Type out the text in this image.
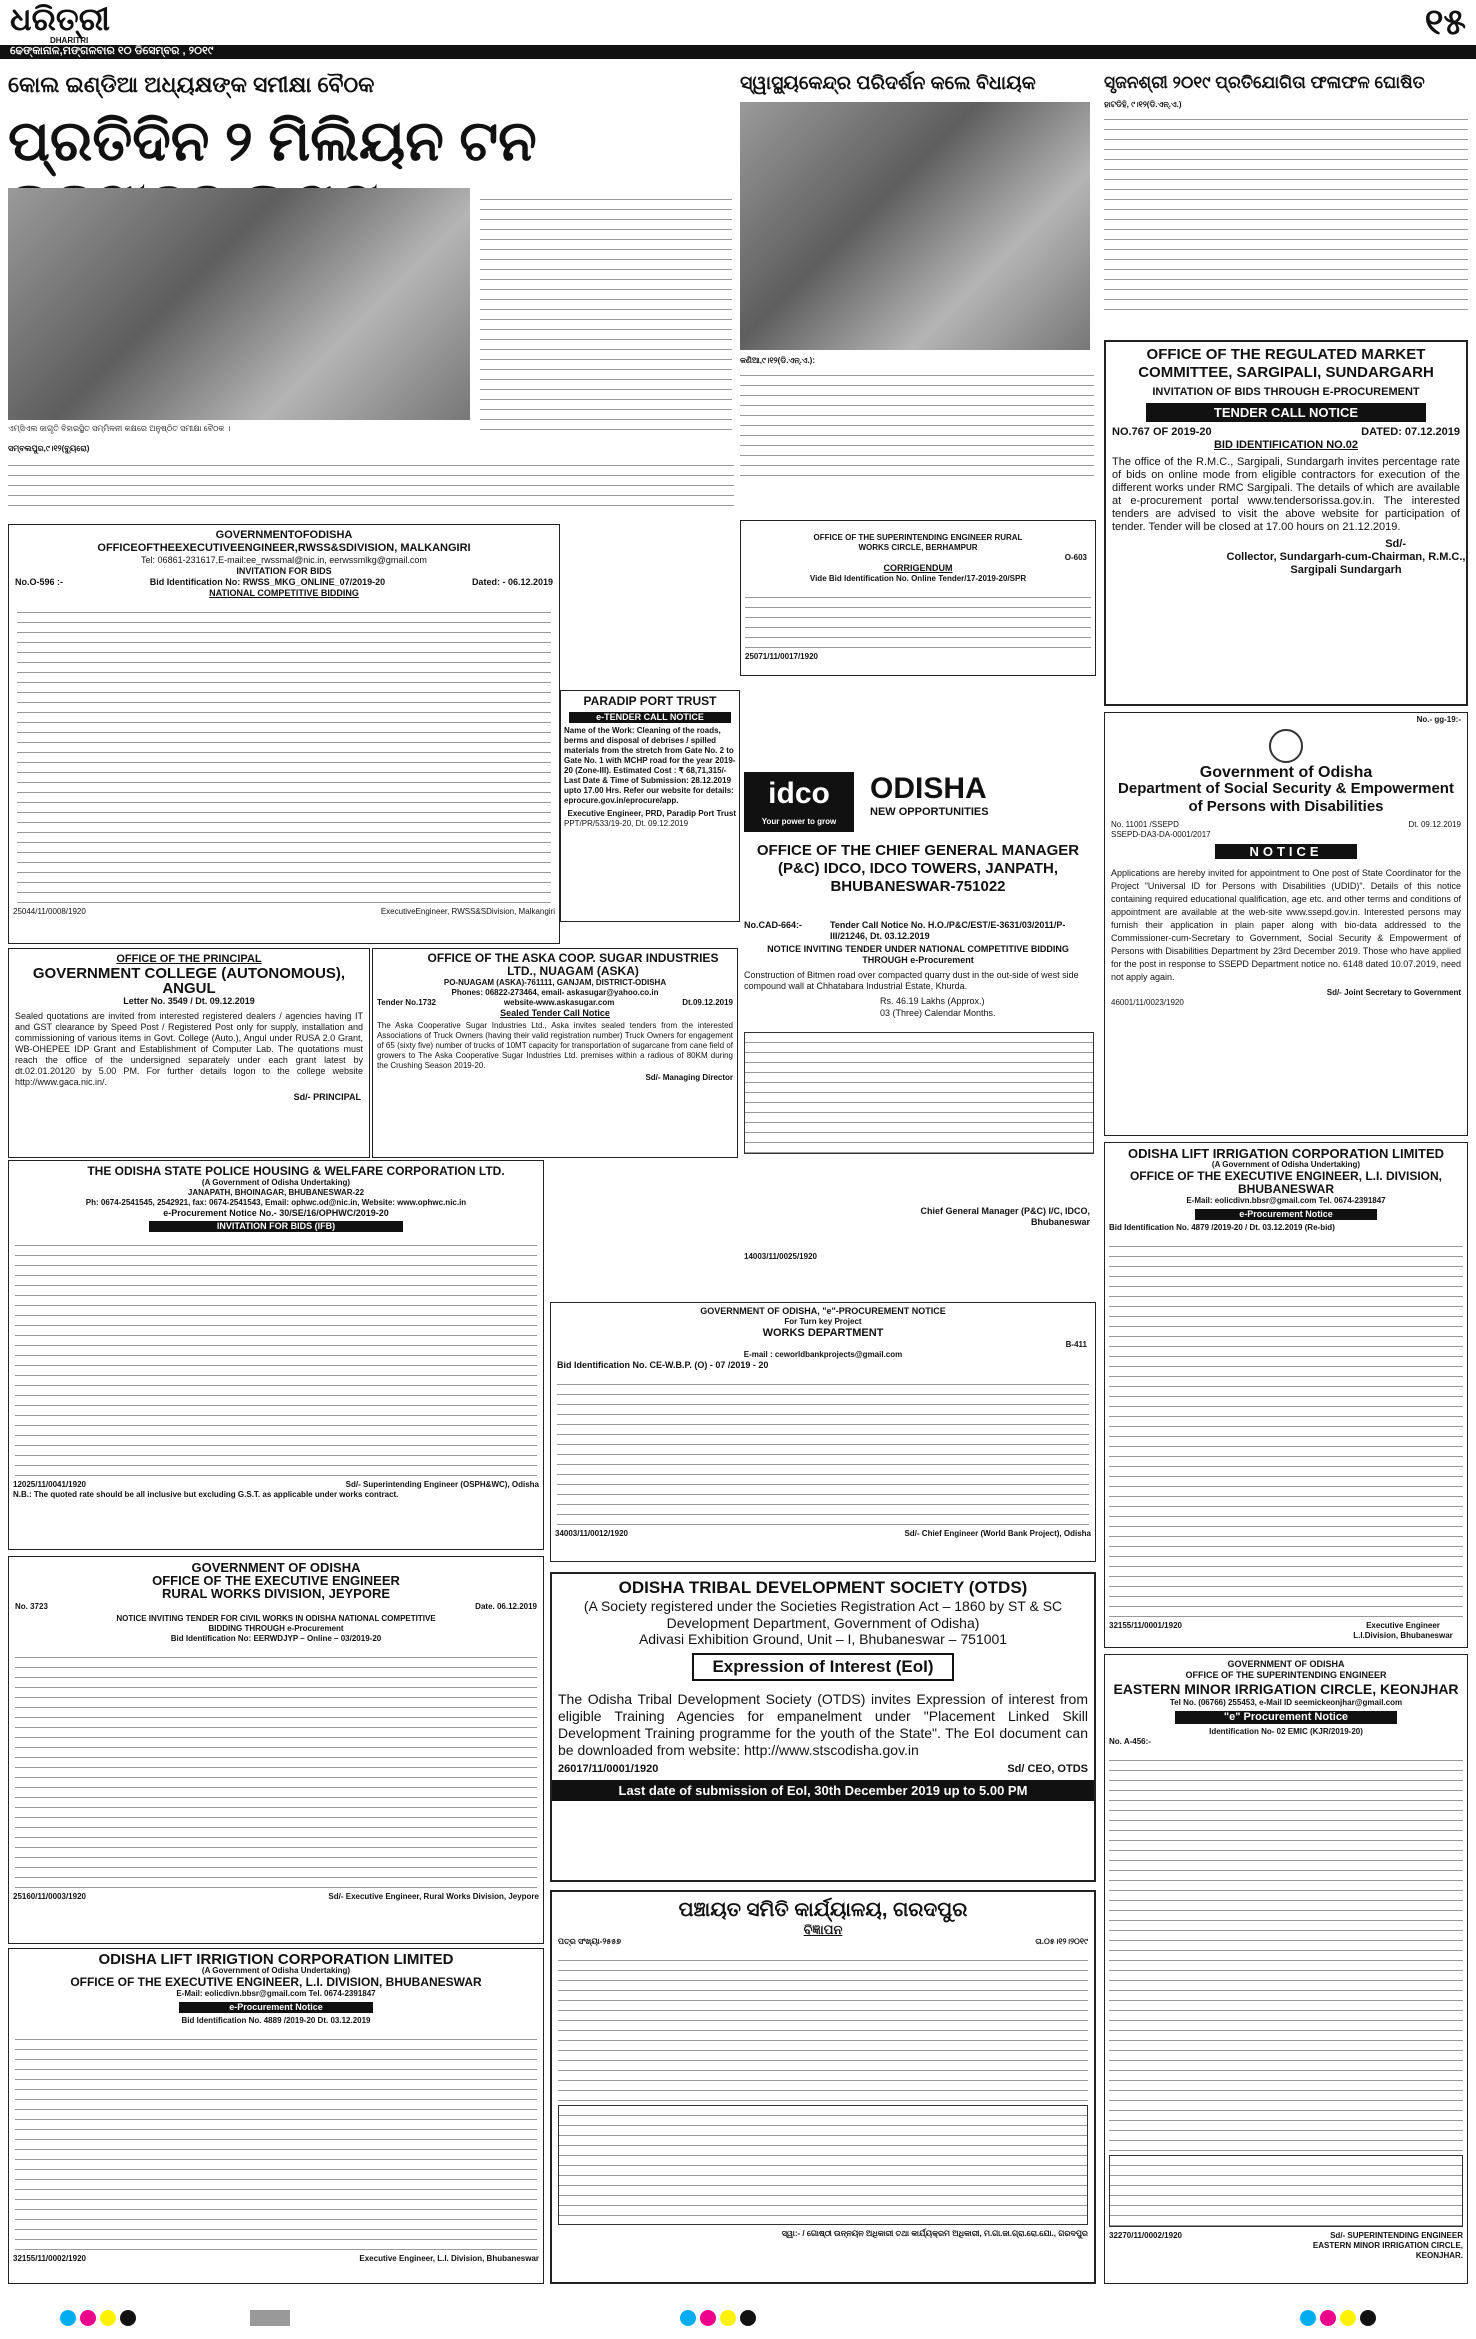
ଧରିତ୍ରୀ
DHARITRI
ଢେଙ୍କାନାଳ,ମଙ୍ଗଳବାର ୧୦ ଡିସେମ୍ବର , ୨୦୧୯
୧୫
କୋଲ ଇଣ୍ଡିଆ ଅଧ୍ୟକ୍ଷଙ୍କ ସମୀକ୍ଷା ବୈଠକ
ପ୍ରତିଦିନ ୨ ମିଲିୟନ ଟନ
ଏମ୍‌ସିଏଲ ଜାଗୃତି ବିହାରସ୍ଥିତ ସମ୍ମିଳନୀ କକ୍ଷରେ ଅନୁଷ୍ଠିତ ସମୀକ୍ଷା ବୈଠକ ।
ସମ୍ବଲପୁର,୯।୧୨(ବ୍ୟୁରୋ)
ସ୍ୱାସ୍ଥ୍ୟକେନ୍ଦ୍ର ପରିଦର୍ଶନ କଲେ ବିଧାୟକ
କଣିଆ,୯।୧୨(ଡି.ଏନ୍‌.ଏ.):
ସୃଜନଶ୍ରୀ ୨୦୧୯ ପ୍ରତିଯୋଗିତା ଫଳାଫଳ ଘୋଷିତ
ହାଟଡିହି, ୯।୧୨(ଡି.ଏନ୍‌.ଏ.)
OFFICE OF THE REGULATED MARKET COMMITTEE, SARGIPALI, SUNDARGARH
INVITATION OF BIDS THROUGH E-PROCUREMENT
TENDER CALL NOTICE
NO.767 OF 2019-20	DATED: 07.12.2019
BID IDENTIFICATION NO.02
The office of the R.M.C., Sargipali, Sundargarh invites percentage rate of bids on online mode from eligible contractors for execution of the different works under RMC Sargipali. The details of which are available at e-procurement portal www.tendersorissa.gov.in. The interested tenders are advised to visit the above website for participation of tender. Tender will be closed at 17.00 hours on 21.12.2019.
Sd/-
Collector, Sundargarh-cum-Chairman, R.M.C., Sargipali Sundargarh
GOVERNMENTOFODISHA
OFFICEOFTHEEXECUTIVEENGINEER,RWSS&SDIVISION, MALKANGIRI
Tel: 06861-231617,E-mail:ee_rwssmal@nic.in, eerwssmlkg@gmail.com
INVITATION FOR BIDS
No.O-596 :-	Bid Identification No: RWSS_MKG_ONLINE_07/2019-20	Dated: - 06.12.2019
NATIONAL COMPETITIVE BIDDING
25044/11/0008/1920	ExecutiveEngineer, RWSS&SDivision, Malkangiri
PARADIP PORT TRUST
e-TENDER CALL NOTICE
Name of the Work: Cleaning of the roads, berms and disposal of debrises / spilled materials from the stretch from Gate No. 2 to Gate No. 1 with MCHP road for the year 2019-20 (Zone-III). Estimated Cost : ₹ 68,71,315/- Last Date & Time of Submission: 28.12.2019 upto 17.00 Hrs. Refer our website for details: eprocure.gov.in/eprocure/app.
Executive Engineer, PRD, Paradip Port Trust
PPT/PR/533/19-20, Dt. 09.12.2019
OFFICE OF THE SUPERINTENDING ENGINEER RURAL WORKS CIRCLE, BERHAMPUR
O-603
CORRIGENDUM
Vide Bid Identification No. Online Tender/17-2019-20/SPR
25071/11/0017/1920
idco
Your power to grow
ODISHA
NEW OPPORTUNITIES
OFFICE OF THE CHIEF GENERAL MANAGER (P&C) IDCO, IDCO TOWERS, JANPATH, BHUBANESWAR-751022
No.CAD-664:-	Tender Call Notice No. H.O./P&C/EST/E-3631/03/2011/P-III/21246, Dt. 03.12.2019
NOTICE INVITING TENDER UNDER NATIONAL COMPETITIVE BIDDING THROUGH e-Procurement
Construction of Bitmen road over compacted quarry dust in the out-side of west side compound wall at Chhatabara Industrial Estate, Khurda.
Rs. 46.19 Lakhs (Approx.)
03 (Three) Calendar Months.
Chief General Manager (P&C) I/C, IDCO, Bhubaneswar
14003/11/0025/1920
No.- gg-19:-
Government of Odisha
Department of Social Security & Empowerment of Persons with Disabilities
No. 11001 /SSEPD	Dt. 09.12.2019
SSEPD-DA3-DA-0001/2017
NOTICE
Applications are hereby invited for appointment to One post of State Coordinator for the Project "Universal ID for Persons with Disabilities (UDID)". Details of this notice containing required educational qualification, age etc. and other terms and conditions of appointment are available at the web-site www.ssepd.gov.in. Interested persons may furnish their application in plain paper along with bio-data addressed to the Commissioner-cum-Secretary to Government, Social Security & Empowerment of Persons with Disabilities Department by 23rd December 2019. Those who have applied for the post in response to SSEPD Department notice no. 6148 dated 10.07.2019, need not apply again.
Sd/- Joint Secretary to Government
46001/11/0023/1920
OFFICE OF THE PRINCIPAL
GOVERNMENT COLLEGE (AUTONOMOUS), ANGUL
Letter No. 3549 / Dt. 09.12.2019
Sealed quotations are invited from interested registered dealers / agencies having IT and GST clearance by Speed Post / Registered Post only for supply, installation and commissioning of various items in Govt. College (Auto.), Angul under RUSA 2.0 Grant, WB-OHEPEE IDP Grant and Establishment of Computer Lab. The quotations must reach the office of the undersigned separately under each grant latest by dt.02.01.20120 by 5.00 PM. For further details logon to the college website http://www.gaca.nic.in/.
Sd/- PRINCIPAL
OFFICE OF THE ASKA COOP. SUGAR INDUSTRIES LTD., NUAGAM (ASKA)
PO-NUAGAM (ASKA)-761111, GANJAM, DISTRICT-ODISHA
Phones: 06822-273464, email- askasugar@yahoo.co.in
Tender No.1732	website-www.askasugar.com	Dt.09.12.2019
Sealed Tender Call Notice
The Aska Cooperative Sugar Industries Ltd., Aska invites sealed tenders from the interested Associations of Truck Owners (having their valid registration number) Truck Owners for engagement of 65 (sixty five) number of trucks of 10MT capacity for transportation of sugarcane from cane field of growers to The Aska Cooperative Sugar Industries Ltd. premises within a radious of 80KM during the Crushing Season 2019-20.
Sd/- Managing Director
THE ODISHA STATE POLICE HOUSING & WELFARE CORPORATION LTD.
(A Government of Odisha Undertaking)
JANAPATH, BHOINAGAR, BHUBANESWAR-22
Ph: 0674-2541545, 2542921, fax: 0674-2541543, Email: ophwc.od@nic.in, Website: www.ophwc.nic.in
e-Procurement Notice No.- 30/SE/16/OPHWC/2019-20
INVITATION FOR BIDS (IFB)
12025/11/0041/1920	Sd/- Superintending Engineer (OSPH&WC), Odisha
N.B.: The quoted rate should be all inclusive but excluding G.S.T. as applicable under works contract.
GOVERNMENT OF ODISHA, "e"-PROCUREMENT NOTICE
For Turn key Project
WORKS DEPARTMENT
B-411
E-mail : ceworldbankprojects@gmail.com
Bid Identification No. CE-W.B.P. (O) - 07 /2019 - 20
34003/11/0012/1920	Sd/- Chief Engineer (World Bank Project), Odisha
ODISHA LIFT IRRIGATION CORPORATION LIMITED
(A Government of Odisha Undertaking)
OFFICE OF THE EXECUTIVE ENGINEER, L.I. DIVISION, BHUBANESWAR
E-Mail: eolicdivn.bbsr@gmail.com Tel. 0674-2391847
e-Procurement Notice
Bid Identification No. 4879 /2019-20 / Dt. 03.12.2019 (Re-bid)
32155/11/0001/1920	Executive Engineer L.I.Division, Bhubaneswar
GOVERNMENT OF ODISHA
OFFICE OF THE EXECUTIVE ENGINEER RURAL WORKS DIVISION, JEYPORE
No. 3723	Date. 06.12.2019
NOTICE INVITING TENDER FOR CIVIL WORKS IN ODISHA NATIONAL COMPETITIVE BIDDING THROUGH e-Procurement
Bid Identification No: EERWDJYP – Online – 03/2019-20
25160/11/0003/1920	Sd/- Executive Engineer, Rural Works Division, Jeypore
ODISHA TRIBAL DEVELOPMENT SOCIETY (OTDS)
(A Society registered under the Societies Registration Act – 1860 by ST & SC Development Department, Government of Odisha)
Adivasi Exhibition Ground, Unit – I, Bhubaneswar – 751001
Expression of Interest (EoI)
The Odisha Tribal Development Society (OTDS) invites Expression of interest from eligible Training Agencies for empanelment under "Placement Linked Skill Development Training programme for the youth of the State". The EoI document can be downloaded from website: http://www.stscodisha.gov.in
26017/11/0001/1920	Sd/ CEO, OTDS
Last date of submission of EoI, 30th December 2019 up to 5.00 PM
ODISHA LIFT IRRIGTION CORPORATION LIMITED
(A Government of Odisha Undertaking)
OFFICE OF THE EXECUTIVE ENGINEER, L.I. DIVISION, BHUBANESWAR
E-Mail: eolicdivn.bbsr@gmail.com Tel. 0674-2391847
e-Procurement Notice
Bid Identification No. 4889 /2019-20 Dt. 03.12.2019
32155/11/0002/1920	Executive Engineer, L.I. Division, Bhubaneswar
ପଞ୍ଚାୟତ ସମିତି କାର୍ଯ୍ୟାଳୟ, ଗରଦପୁର
ବିଜ୍ଞାପନ
ପତ୍ର ସଂଖ୍ୟା-୨୫୫୭	ତା.୦୫।୧୨।୨୦୧୯
ସ୍ୱା:- / ଗୋଷ୍ଠୀ ଉନ୍ନୟନ ଅଧିକାରୀ ତଥା କାର୍ଯ୍ୟକ୍ରମ ଅଧିକାରୀ, ମ.ଗା.ଜା.ଗ୍ରା.ରୋ.ଯୋ., ଗରଦପୁର
GOVERNMENT OF ODISHA
OFFICE OF THE SUPERINTENDING ENGINEER
EASTERN MINOR IRRIGATION CIRCLE, KEONJHAR
Tel No. (06766) 255453, e-Mail ID seemickeonjhar@gmail.com
"e" Procurement Notice
Identification No- 02 EMIC (KJR/2019-20)
No. A-456:-
32270/11/0002/1920	Sd/- SUPERINTENDING ENGINEER EASTERN MINOR IRRIGATION CIRCLE, KEONJHAR.
